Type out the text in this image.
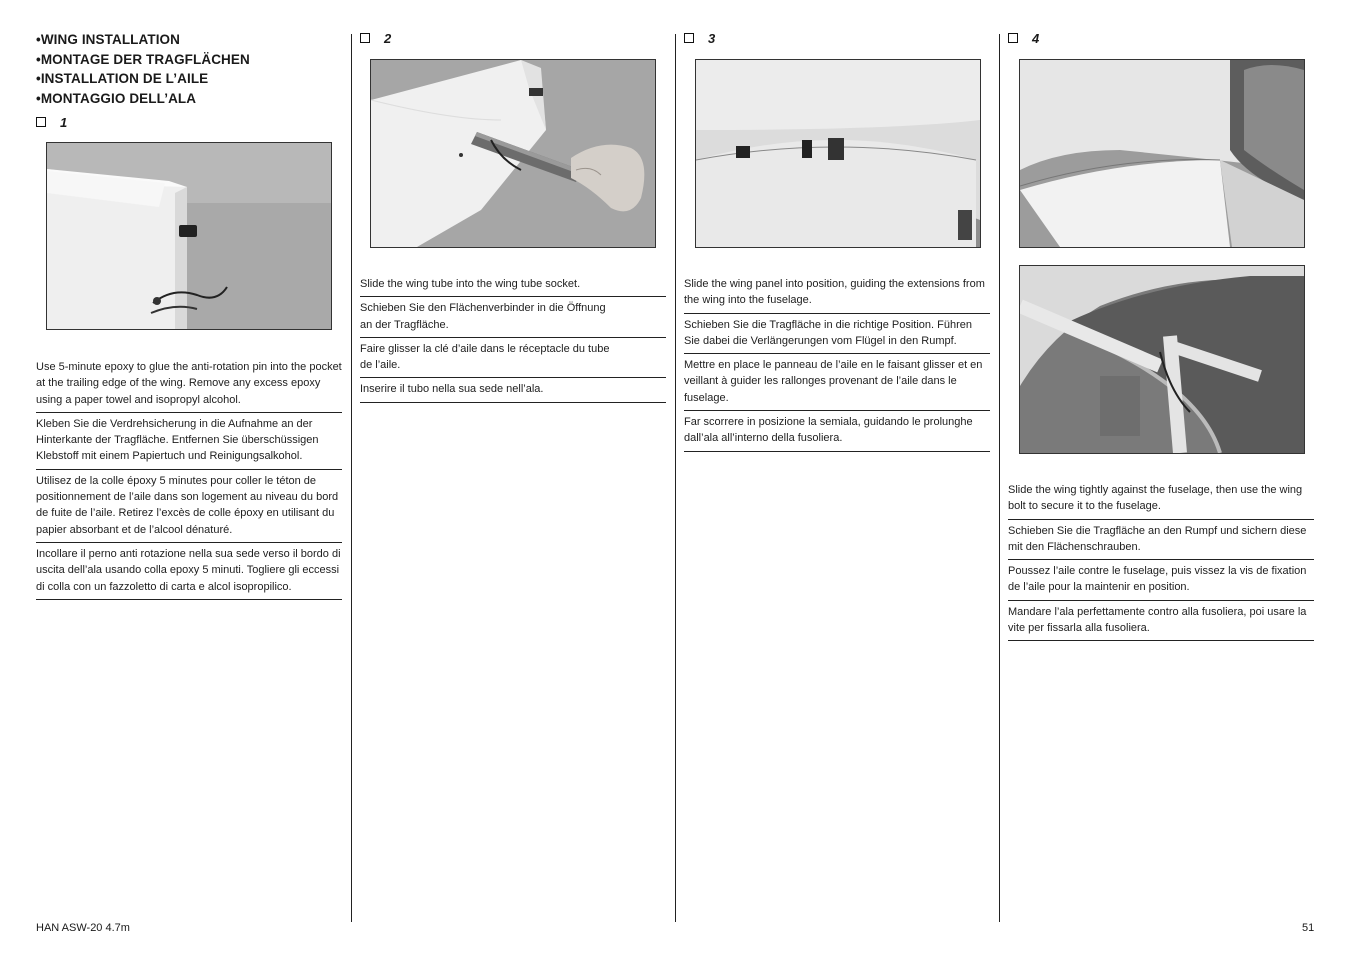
•WING INSTALLATION
•MONTAGE DER TRAGFLÄCHEN
•INSTALLATION DE L’AILE
•MONTAGGIO DELL’ALA
1
Use 5-minute epoxy to glue the anti-rotation pin into the pocket at the trailing edge of the wing. Remove any excess epoxy using a paper towel and isopropyl alcohol.
Kleben Sie die Verdrehsicherung in die Aufnahme an der Hinterkante der Tragfläche. Entfernen Sie überschüssigen Klebstoff mit einem Papiertuch und Reinigungsalkohol.
Utilisez de la colle époxy 5 minutes pour coller le téton de positionnement de l’aile dans son logement au niveau du bord de fuite de l’aile. Retirez l’excès de colle époxy en utilisant du papier absorbant et de l’alcool dénaturé.
Incollare il perno anti rotazione nella sua sede verso il bordo di uscita dell’ala usando colla epoxy 5 minuti. Togliere gli eccessi di colla con un fazzoletto di carta e alcol isopropilico.
2
Slide the wing tube into the wing tube socket.
Schieben Sie den Flächenverbinder in die Öffnung an der Tragfläche.
Faire glisser la clé d’aile dans le réceptacle du tube de l’aile.
Inserire il tubo nella sua sede nell’ala.
3
Slide the wing panel into position, guiding the extensions from the wing into the fuselage.
Schieben Sie die Tragfläche in die richtige Position. Führen Sie dabei die Verlängerungen vom Flügel in den Rumpf.
Mettre en place le panneau de l’aile en le faisant glisser et en veillant à guider les rallonges provenant de l’aile dans le fuselage.
Far scorrere in posizione la semiala, guidando le prolunghe dall’ala all’interno della fusoliera.
4
Slide the wing tightly against the fuselage, then use the wing bolt to secure it to the fuselage.
Schieben Sie die Tragfläche an den Rumpf und sichern diese mit den Flächenschrauben.
Poussez l’aile contre le fuselage, puis vissez la vis de fixation de l’aile pour la maintenir en position.
Mandare l’ala perfettamente contro alla fusoliera, poi usare la vite per fissarla alla fusoliera.
HAN ASW-20 4.7m	51
